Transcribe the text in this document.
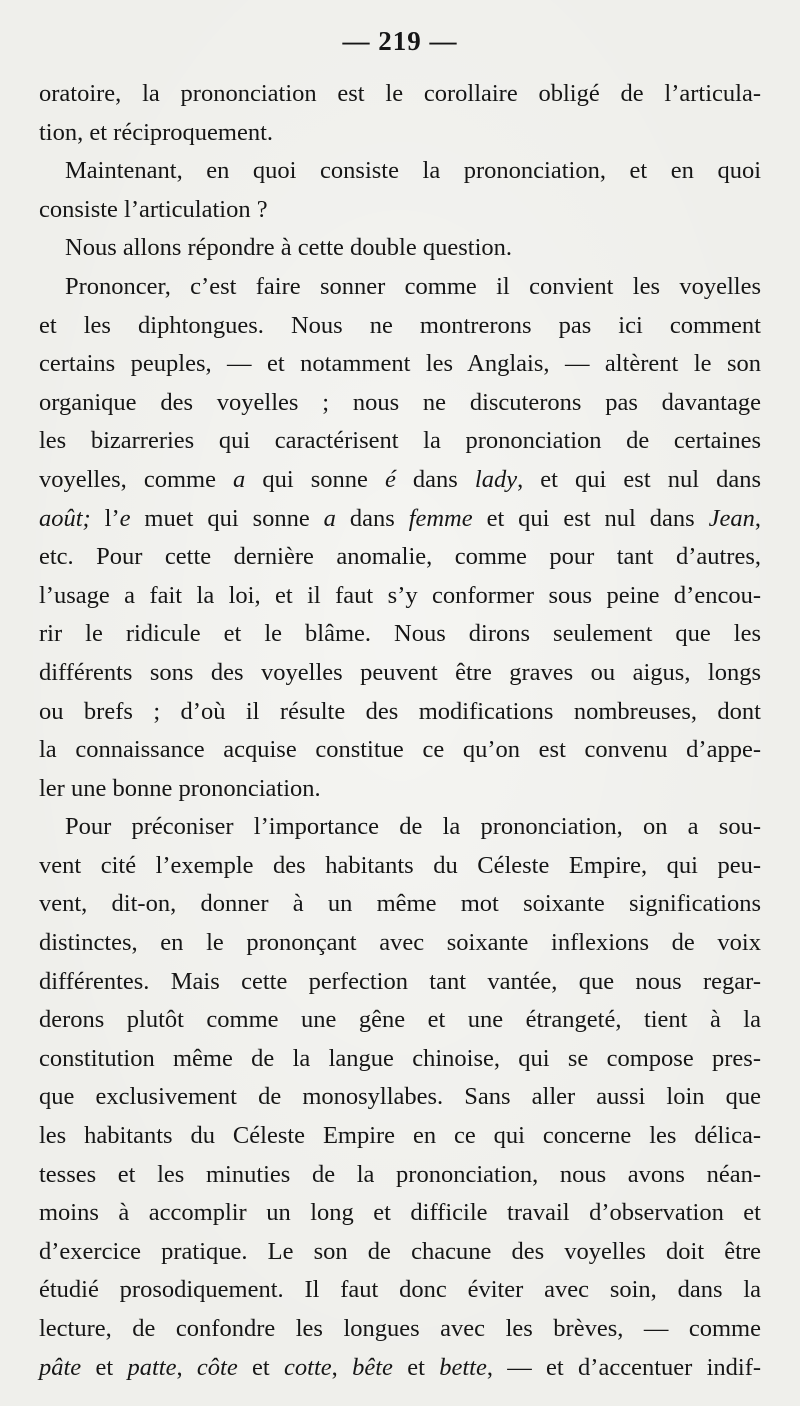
— 219 —
oratoire, la prononciation est le corollaire obligé de l’articula-
tion, et réciproquement.
Maintenant, en quoi consiste la prononciation, et en quoi
consiste l’articulation ?
Nous allons répondre à cette double question.
Prononcer, c’est faire sonner comme il convient les voyelles
et les diphtongues. Nous ne montrerons pas ici comment
certains peuples, — et notamment les Anglais, — altèrent le son
organique des voyelles ; nous ne discuterons pas davantage
les bizarreries qui caractérisent la prononciation de certaines
voyelles, comme a qui sonne é dans lady, et qui est nul dans
août; l’e muet qui sonne a dans femme et qui est nul dans Jean,
etc. Pour cette dernière anomalie, comme pour tant d’autres,
l’usage a fait la loi, et il faut s’y conformer sous peine d’encou-
rir le ridicule et le blâme. Nous dirons seulement que les
différents sons des voyelles peuvent être graves ou aigus, longs
ou brefs ; d’où il résulte des modifications nombreuses, dont
la connaissance acquise constitue ce qu’on est convenu d’appe-
ler une bonne prononciation.
Pour préconiser l’importance de la prononciation, on a sou-
vent cité l’exemple des habitants du Céleste Empire, qui peu-
vent, dit-on, donner à un même mot soixante significations
distinctes, en le prononçant avec soixante inflexions de voix
différentes. Mais cette perfection tant vantée, que nous regar-
derons plutôt comme une gêne et une étrangeté, tient à la
constitution même de la langue chinoise, qui se compose pres-
que exclusivement de monosyllabes. Sans aller aussi loin que
les habitants du Céleste Empire en ce qui concerne les délica-
tesses et les minuties de la prononciation, nous avons néan-
moins à accomplir un long et difficile travail d’observation et
d’exercice pratique. Le son de chacune des voyelles doit être
étudié prosodiquement. Il faut donc éviter avec soin, dans la
lecture, de confondre les longues avec les brèves, — comme
pâte et patte, côte et cotte, bête et bette, — et d’accentuer indif-
